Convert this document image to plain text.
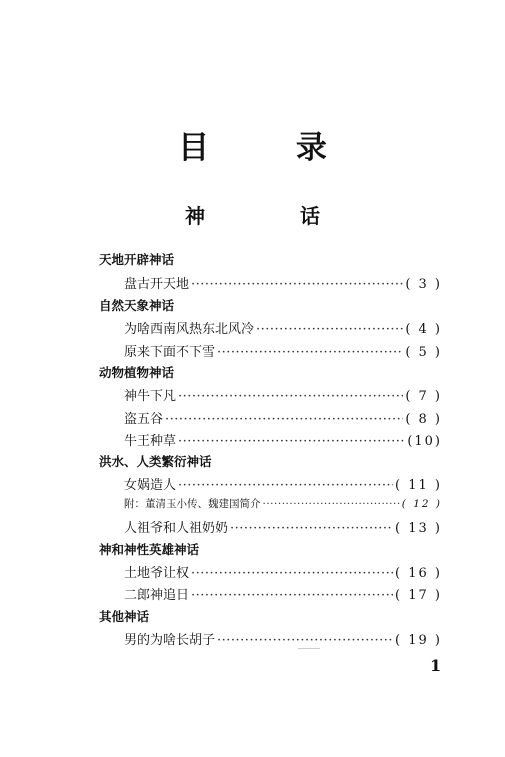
目 录
神 话
天地开辟神话
盘古开天地 ·····	( 3 )
自然天象神话
为啥西南风热东北风冷 ·····	( 4 )
原来下面不下雪 ·····	( 5 )
动物植物神话
神牛下凡 ·····	( 7 )
盗五谷 ·····	( 8 )
牛王种草 ·····	(10)
洪水、人类繁衍神话
女娲造人 ·····	( 11 )
附：董清玉小传、魏建国简介 ·····	( 12 )
人祖爷和人祖奶奶 ·····	( 13 )
神和神性英雄神话
土地爷让权 ·····	( 16 )
二郎神追日 ·····	( 17 )
其他神话
男的为啥长胡子 ·····	( 19 )
1
